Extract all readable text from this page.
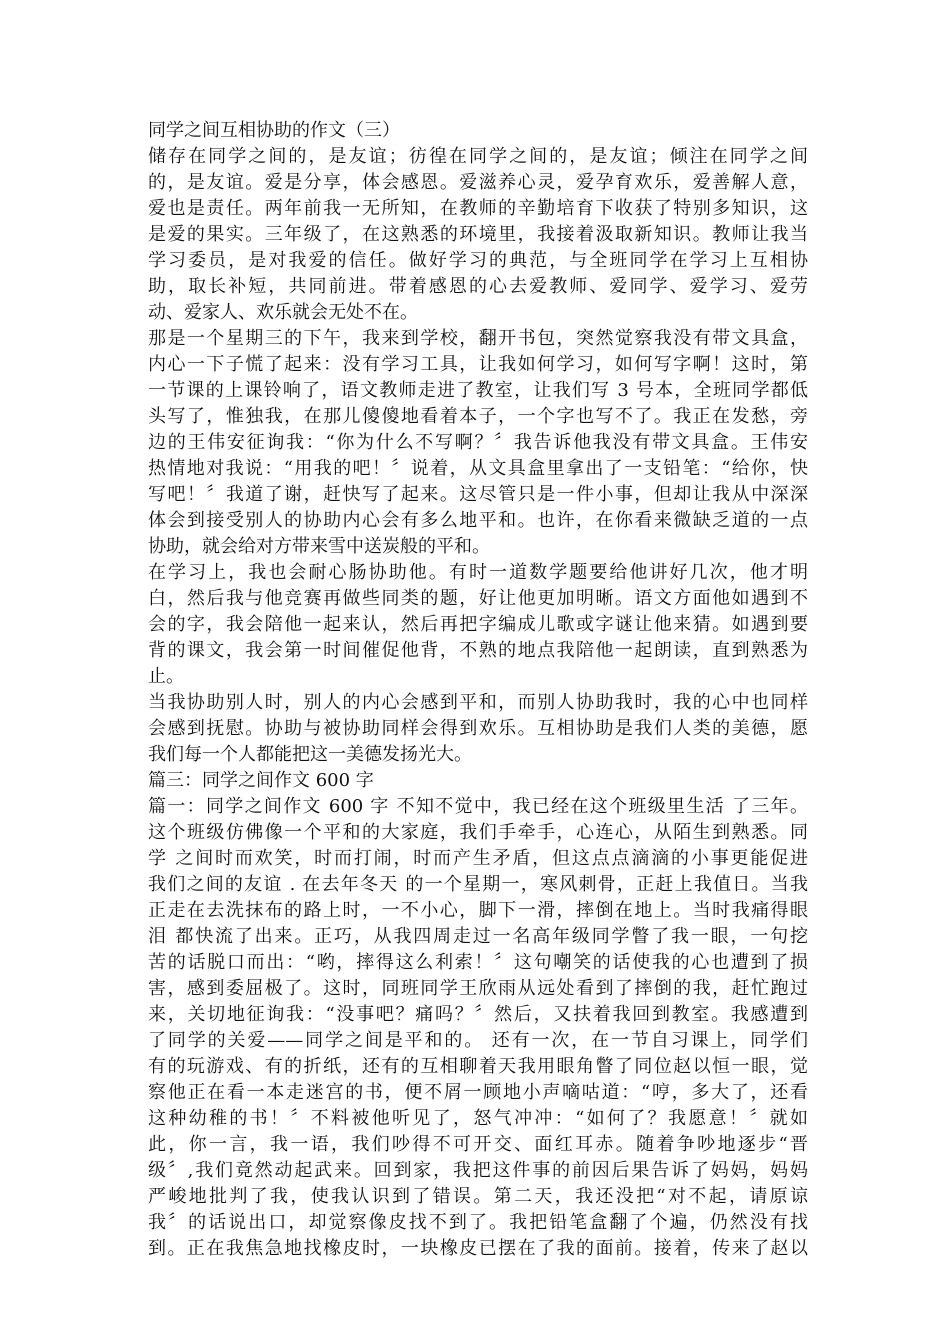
同学之间互相协助的作文（三）
储存在同学之间的，是友谊；彷徨在同学之间的，是友谊；倾注在同学之间
的，是友谊。爱是分享，体会感恩。爱滋养心灵，爱孕育欢乐，爱善解人意，
爱也是责任。两年前我一无所知，在教师的辛勤培育下收获了特别多知识，这
是爱的果实。三年级了，在这熟悉的环境里，我接着汲取新知识。教师让我当
学习委员，是对我爱的信任。做好学习的典范，与全班同学在学习上互相协
助，取长补短，共同前进。带着感恩的心去爱教师、爱同学、爱学习、爱劳
动、爱家人、欢乐就会无处不在。
那是一个星期三的下午，我来到学校，翻开书包，突然觉察我没有带文具盒，
内心一下子慌了起来：没有学习工具，让我如何学习，如何写字啊！这时，第
一节课的上课铃响了，语文教师走进了教室，让我们写 3 号本，全班同学都低
头写了，惟独我，在那儿傻傻地看着本子，一个字也写不了。我正在发愁，旁
边的王伟安征询我：“你为什么不写啊？〞我告诉他我没有带文具盒。王伟安
热情地对我说：“用我的吧！〞说着，从文具盒里拿出了一支铅笔：“给你，快
写吧！〞我道了谢，赶快写了起来。这尽管只是一件小事，但却让我从中深深
体会到接受别人的协助内心会有多么地平和。也许，在你看来微缺乏道的一点
协助，就会给对方带来雪中送炭般的平和。
在学习上，我也会耐心肠协助他。有时一道数学题要给他讲好几次，他才明
白，然后我与他竞赛再做些同类的题，好让他更加明晰。语文方面他如遇到不
会的字，我会陪他一起来认，然后再把字编成儿歌或字谜让他来猜。如遇到要
背的课文，我会第一时间催促他背，不熟的地点我陪他一起朗读，直到熟悉为
止。
当我协助别人时，别人的内心会感到平和，而别人协助我时，我的心中也同样
会感到抚慰。协助与被协助同样会得到欢乐。互相协助是我们人类的美德，愿
我们每一个人都能把这一美德发扬光大。
篇三：同学之间作文 600 字
篇一：同学之间作文 600 字 不知不觉中，我已经在这个班级里生活 了三年。
这个班级仿佛像一个平和的大家庭，我们手牵手，心连心，从陌生到熟悉。同
学 之间时而欢笑，时而打闹，时而产生矛盾，但这点点滴滴的小事更能促进
我们之间的友谊 . 在去年冬天 的一个星期一，寒风刺骨，正赶上我值日。当我
正走在去洗抹布的路上时，一不小心，脚下一滑，摔倒在地上。当时我痛得眼
泪 都快流了出来。正巧，从我四周走过一名高年级同学瞥了我一眼，一句挖
苦的话脱口而出：“哟，摔得这么利索！〞这句嘲笑的话使我的心也遭到了损
害，感到委屈极了。这时，同班同学王欣雨从远处看到了摔倒的我，赶忙跑过
来，关切地征询我：“没事吧？痛吗？〞然后，又扶着我回到教室。我感遭到
了同学的关爱——同学之间是平和的。 还有一次，在一节自习课上，同学们
有的玩游戏、有的折纸，还有的互相聊着天我用眼角瞥了同位赵以恒一眼，觉
察他正在看一本走迷宫的书，便不屑一顾地小声嘀咕道：“哼，多大了，还看
这种幼稚的书！〞不料被他听见了，怒气冲冲：“如何了？我愿意！〞就如
此，你一言，我一语，我们吵得不可开交、面红耳赤。随着争吵地逐步“晋
级〞,我们竟然动起武来。回到家，我把这件事的前因后果告诉了妈妈，妈妈
严峻地批判了我，使我认识到了错误。第二天，我还没把“对不起，请原谅
我〞的话说出口，却觉察像皮找不到了。我把铅笔盒翻了个遍，仍然没有找
到。正在我焦急地找橡皮时，一块橡皮已摆在了我的面前。接着，传来了赵以
